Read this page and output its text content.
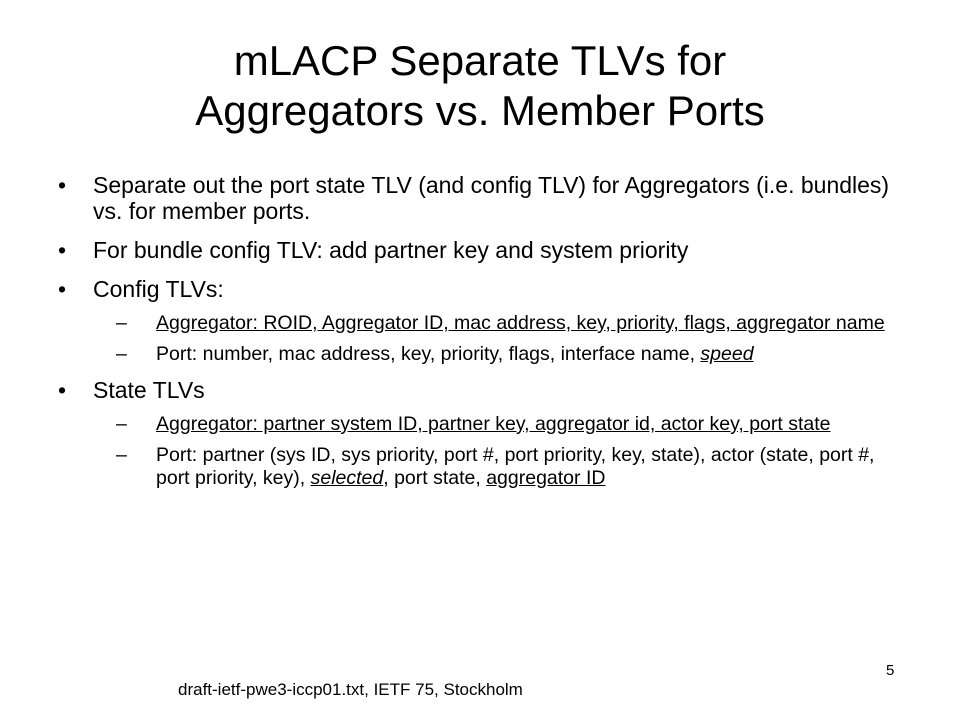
mLACP Separate TLVs for
Aggregators vs. Member Ports
• Separate out the port state TLV (and config TLV) for Aggregators (i.e. bundles) vs. for member ports.
• For bundle config TLV: add partner key and system priority
• Config TLVs:
– Aggregator: ROID, Aggregator ID, mac address, key, priority, flags, aggregator name
– Port: number, mac address, key, priority, flags, interface name, speed
• State TLVs
– Aggregator: partner system ID, partner key, aggregator id, actor key, port state
– Port: partner (sys ID, sys priority, port #, port priority, key, state), actor (state, port #, port priority, key), selected, port state, aggregator ID
5
draft-ietf-pwe3-iccp01.txt, IETF 75, Stockholm
